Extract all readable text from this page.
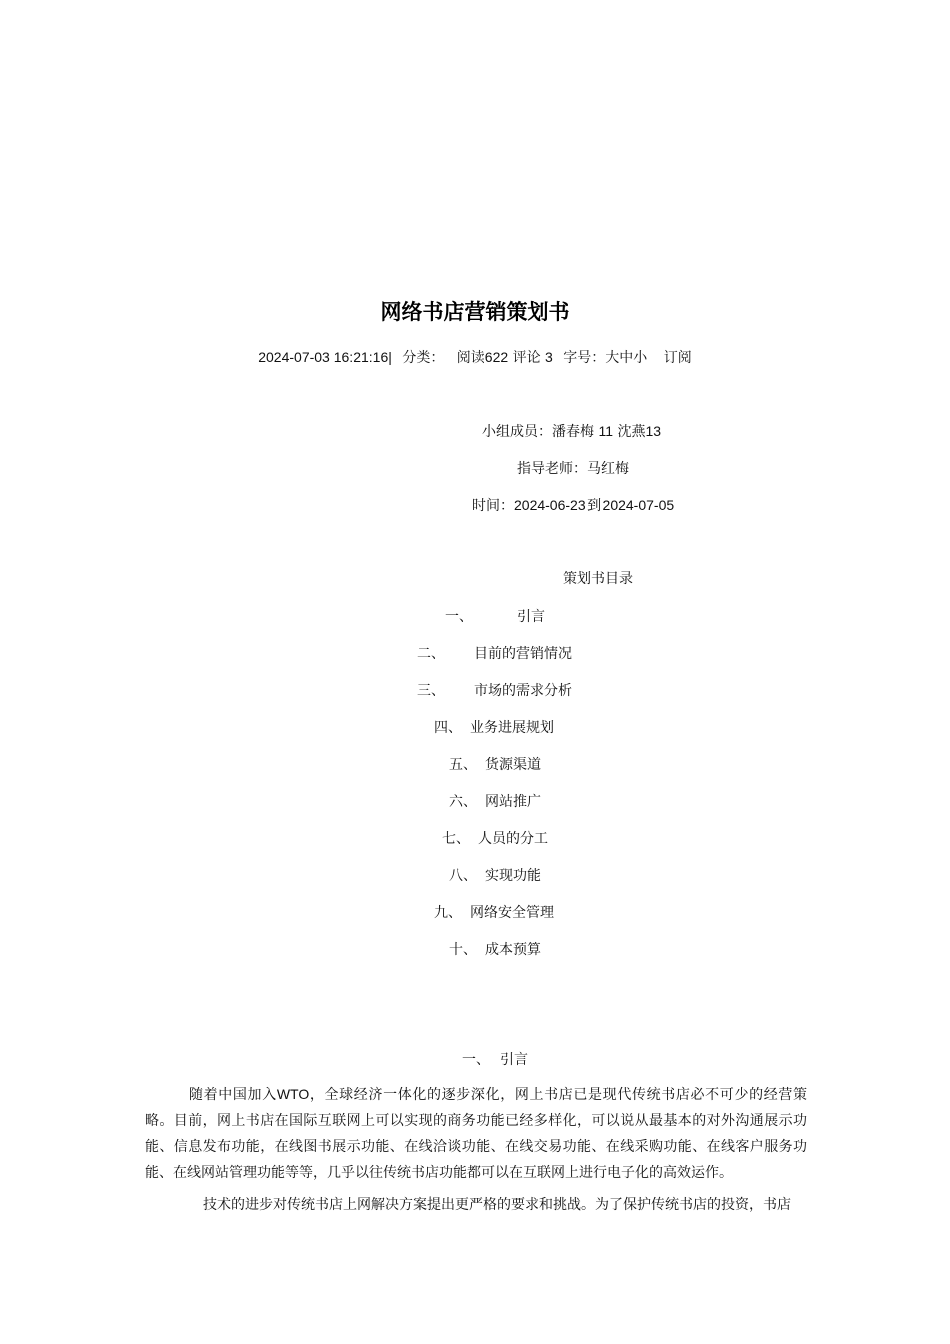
网络书店营销策划书
2024-07-03 16:21:16| 分类： 阅读622 评论 3 字号：大中小 订阅
小组成员：潘春梅 11 沈燕13
指导老师：马红梅
时间：2024-06-23 到 2024-07-05
策划书目录
一、	引言
二、 目前的营销情况
三、 市场的需求分析
四、 业务进展规划
五、 货源渠道
六、 网站推广
七、 人员的分工
八、 实现功能
九、 网络安全管理
十、 成本预算
一、 引言

随着中国加入WTO，全球经济一体化的逐步深化，网上书店已是现代传统书店必不可少的经营策略。目前，网上书店在国际互联网上可以实现的商务功能已经多样化，可以说从最基本的对外沟通展示功能、信息发布功能，在线图书展示功能、在线洽谈功能、在线交易功能、在线采购功能、在线客户服务功能、在线网站管理功能等等，几乎以往传统书店功能都可以在互联网上进行电子化的高效运作。

技术的进步对传统书店上网解决方案提出更严格的要求和挑战。为了保护传统书店的投资，书店
